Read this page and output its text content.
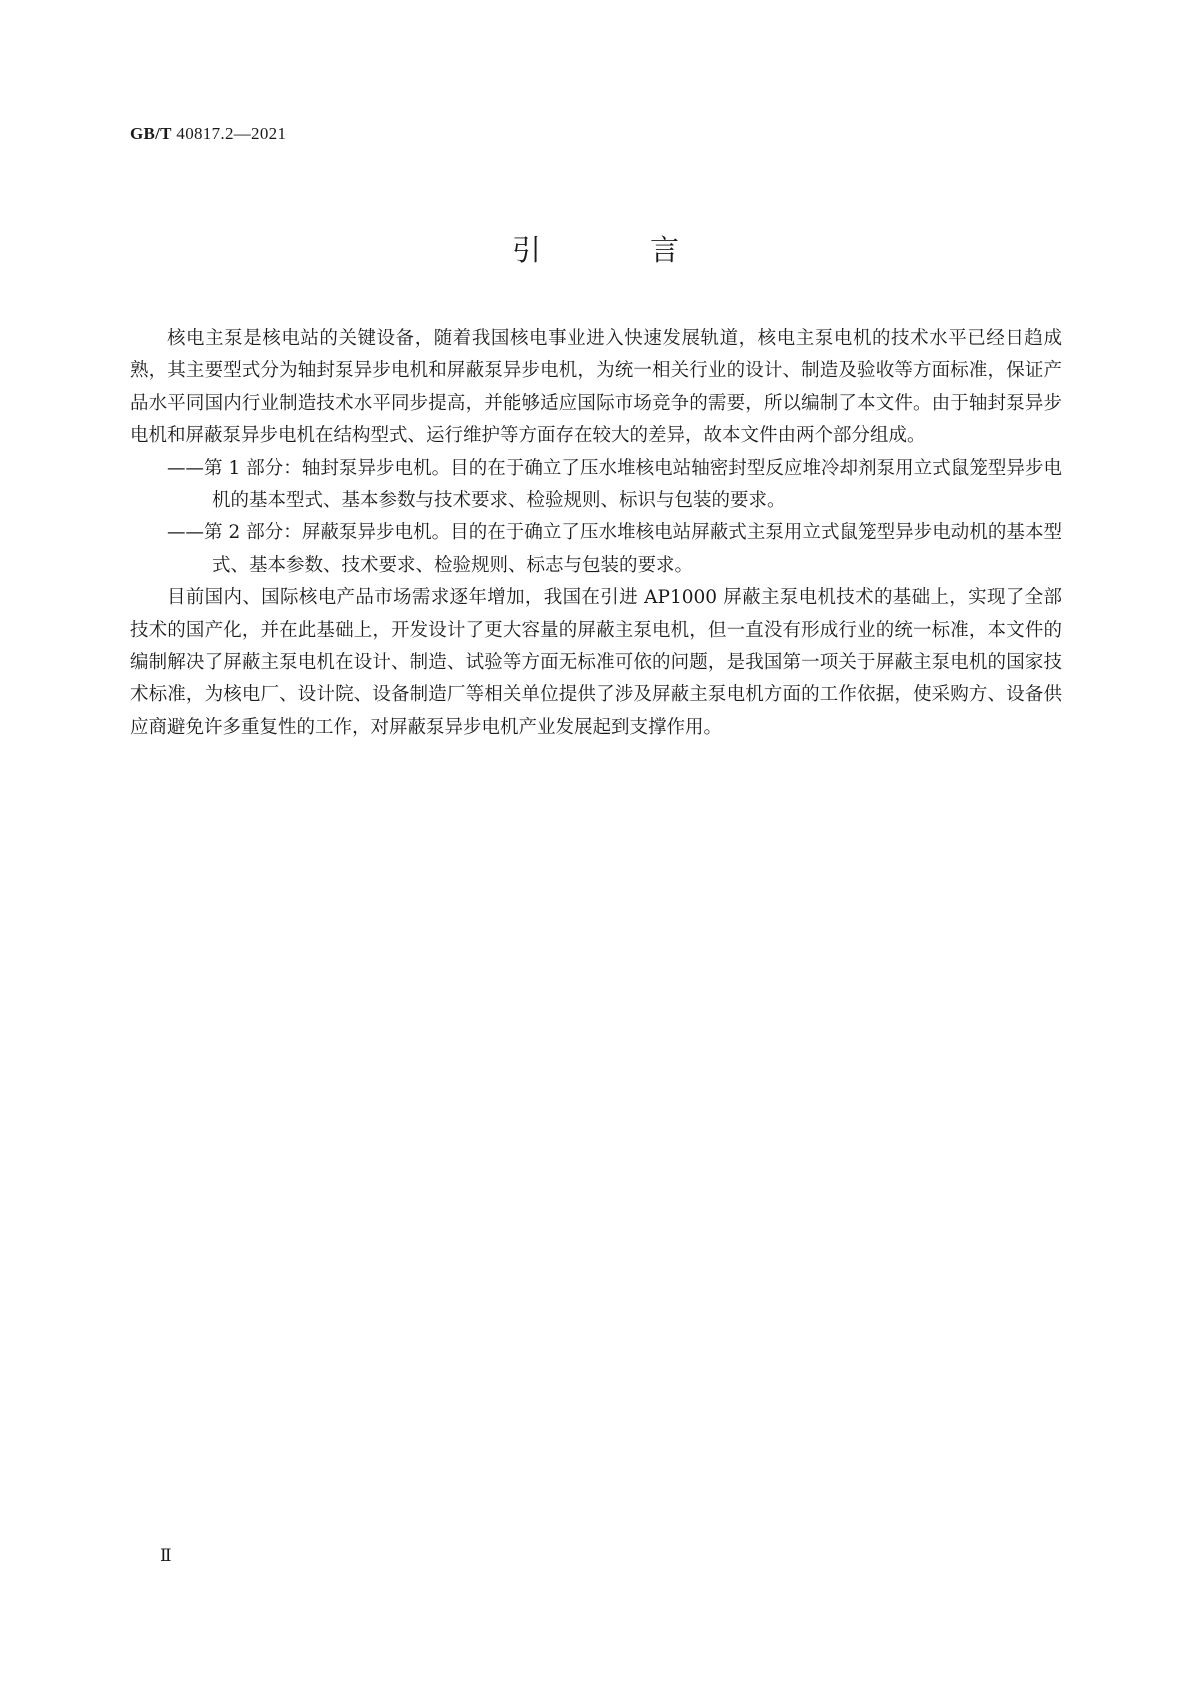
GB/T 40817.2—2021
引　言

核电主泵是核电站的关键设备，随着我国核电事业进入快速发展轨道，核电主泵电机的技术水平已经日趋成熟，其主要型式分为轴封泵异步电机和屏蔽泵异步电机，为统一相关行业的设计、制造及验收等方面标准，保证产品水平同国内行业制造技术水平同步提高，并能够适应国际市场竞争的需要，所以编制了本文件。由于轴封泵异步电机和屏蔽泵异步电机在结构型式、运行维护等方面存在较大的差异，故本文件由两个部分组成。

——第 1 部分：轴封泵异步电机。目的在于确立了压水堆核电站轴密封型反应堆冷却剂泵用立式鼠笼型异步电机的基本型式、基本参数与技术要求、检验规则、标识与包装的要求。

——第 2 部分：屏蔽泵异步电机。目的在于确立了压水堆核电站屏蔽式主泵用立式鼠笼型异步电动机的基本型式、基本参数、技术要求、检验规则、标志与包装的要求。

目前国内、国际核电产品市场需求逐年增加，我国在引进 AP1000 屏蔽主泵电机技术的基础上，实现了全部技术的国产化，并在此基础上，开发设计了更大容量的屏蔽主泵电机，但一直没有形成行业的统一标准，本文件的编制解决了屏蔽主泵电机在设计、制造、试验等方面无标准可依的问题，是我国第一项关于屏蔽主泵电机的国家技术标准，为核电厂、设计院、设备制造厂等相关单位提供了涉及屏蔽主泵电机方面的工作依据，使采购方、设备供应商避免许多重复性的工作，对屏蔽泵异步电机产业发展起到支撑作用。

Ⅱ
